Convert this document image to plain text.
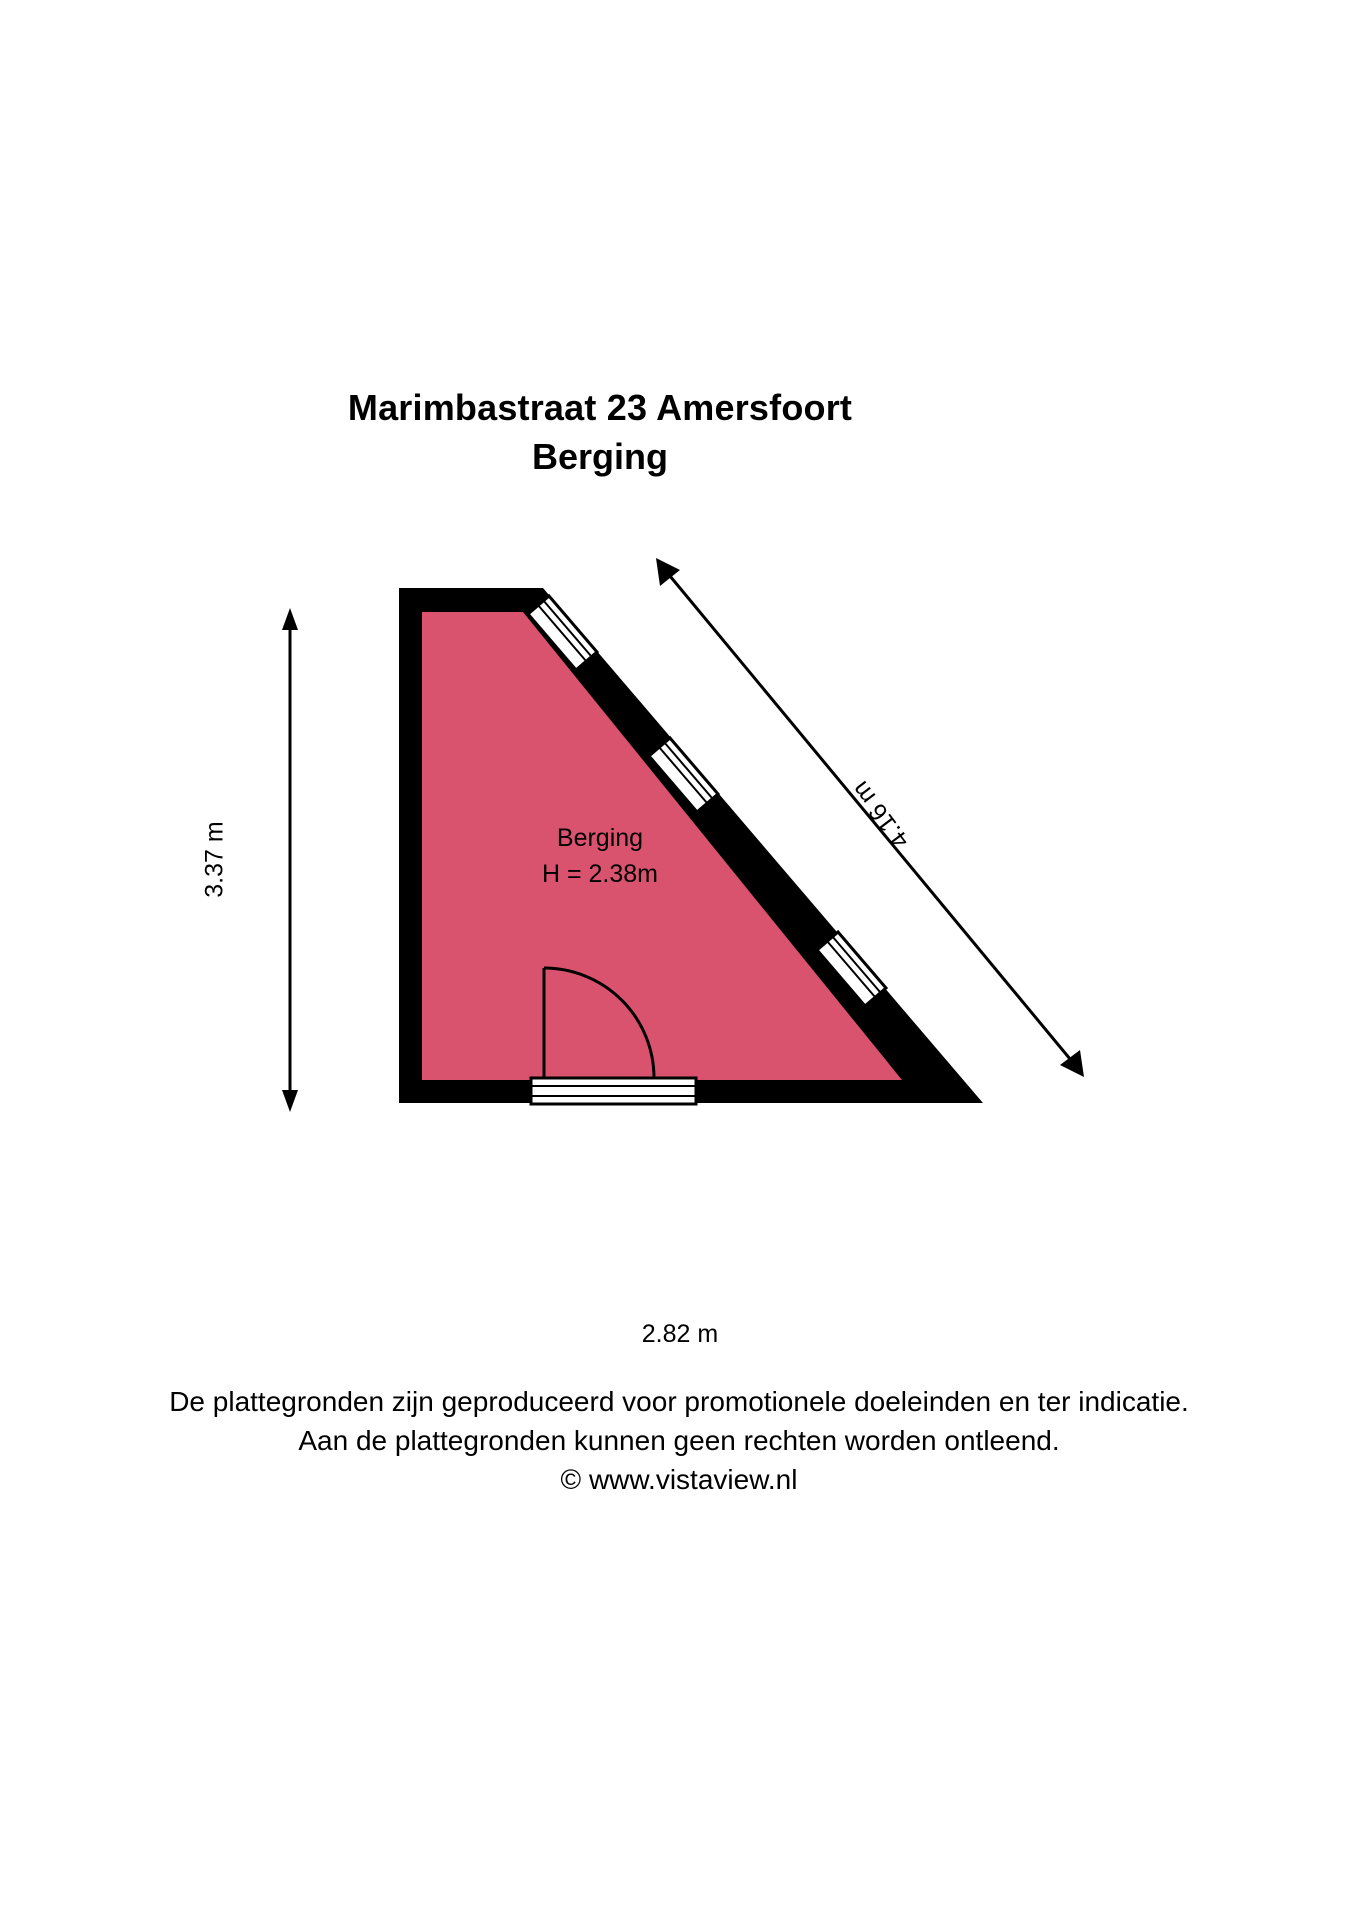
Marimbastraat 23 Amersfoort
Berging
Berging
H = 2.38m
3.37 m
4.16 m
2.82 m
De plattegronden zijn geproduceerd voor promotionele doeleinden en ter indicatie.
Aan de plattegronden kunnen geen rechten worden ontleend.
© www.vistaview.nl
